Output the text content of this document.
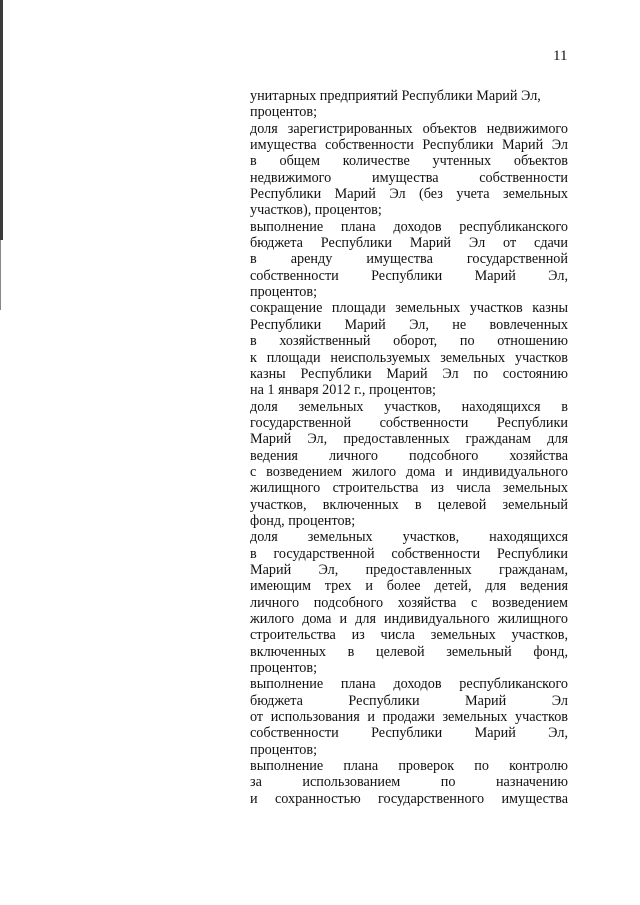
11
унитарных предприятий Республики Марий Эл,
процентов;
доля зарегистрированных объектов недвижимого
имущества собственности Республики Марий Эл
в общем количестве учтенных объектов
недвижимого имущества собственности
Республики Марий Эл (без учета земельных
участков), процентов;
выполнение плана доходов республиканского
бюджета Республики Марий Эл от сдачи
в аренду имущества государственной
собственности Республики Марий Эл,
процентов;
сокращение площади земельных участков казны
Республики Марий Эл, не вовлеченных
в хозяйственный оборот, по отношению
к площади неиспользуемых земельных участков
казны Республики Марий Эл по состоянию
на 1 января 2012 г., процентов;
доля земельных участков, находящихся в
государственной собственности Республики
Марий Эл, предоставленных гражданам для
ведения личного подсобного хозяйства
с возведением жилого дома и индивидуального
жилищного строительства из числа земельных
участков, включенных в целевой земельный
фонд, процентов;
доля земельных участков, находящихся
в государственной собственности Республики
Марий Эл, предоставленных гражданам,
имеющим трех и более детей, для ведения
личного подсобного хозяйства с возведением
жилого дома и для индивидуального жилищного
строительства из числа земельных участков,
включенных в целевой земельный фонд,
процентов;
выполнение плана доходов республиканского
бюджета Республики Марий Эл
от использования и продажи земельных участков
собственности Республики Марий Эл,
процентов;
выполнение плана проверок по контролю
за использованием по назначению
и сохранностью государственного имущества
